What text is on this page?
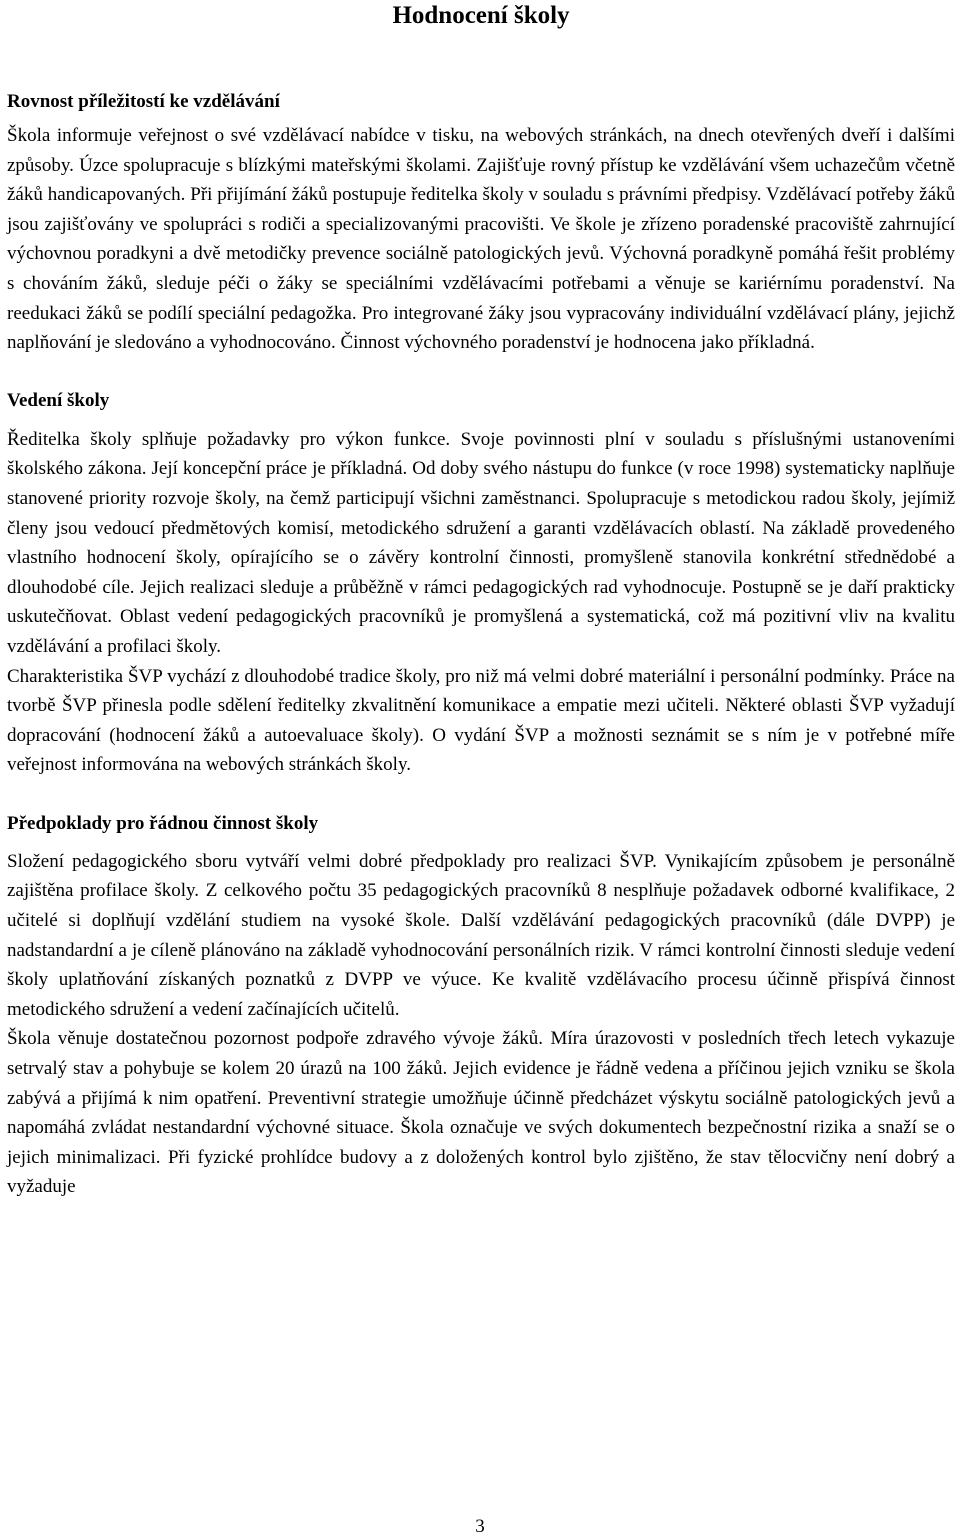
Hodnocení školy
Rovnost příležitostí ke vzdělávání

Škola informuje veřejnost o své vzdělávací nabídce v tisku, na webových stránkách, na dnech otevřených dveří i dalšími způsoby. Úzce spolupracuje s blízkými mateřskými školami. Zajišťuje rovný přístup ke vzdělávání všem uchazečům včetně žáků handicapovaných. Při přijímání žáků postupuje ředitelka školy v souladu s právními předpisy. Vzdělávací potřeby žáků jsou zajišťovány ve spolupráci s rodiči a specializovanými pracovišti. Ve škole je zřízeno poradenské pracoviště zahrnující výchovnou poradkyni a dvě metodičky prevence sociálně patologických jevů. Výchovná poradkyně pomáhá řešit problémy s chováním žáků, sleduje péči o žáky se speciálními vzdělávacími potřebami a věnuje se kariérnímu poradenství. Na reedukaci žáků se podílí speciální pedagožka. Pro integrované žáky jsou vypracovány individuální vzdělávací plány, jejichž naplňování je sledováno a vyhodnocováno. Činnost výchovného poradenství je hodnocena jako příkladná.

Vedení školy

Ředitelka školy splňuje požadavky pro výkon funkce. Svoje povinnosti plní v souladu s příslušnými ustanoveními školského zákona. Její koncepční práce je příkladná. Od doby svého nástupu do funkce (v roce 1998) systematicky naplňuje stanovené priority rozvoje školy, na čemž participují všichni zaměstnanci. Spolupracuje s metodickou radou školy, jejímiž členy jsou vedoucí předmětových komisí, metodického sdružení a garanti vzdělávacích oblastí. Na základě provedeného vlastního hodnocení školy, opírajícího se o závěry kontrolní činnosti, promyšleně stanovila konkrétní střednědobé a dlouhodobé cíle. Jejich realizaci sleduje a průběžně v rámci pedagogických rad vyhodnocuje. Postupně se je daří prakticky uskutečňovat. Oblast vedení pedagogických pracovníků je promyšlená a systematická, což má pozitivní vliv na kvalitu vzdělávání a profilaci školy.

Charakteristika ŠVP vychází z dlouhodobé tradice školy, pro niž má velmi dobré materiální i personální podmínky. Práce na tvorbě ŠVP přinesla podle sdělení ředitelky zkvalitnění komunikace a empatie mezi učiteli. Některé oblasti ŠVP vyžadují dopracování (hodnocení žáků a autoevaluace školy). O vydání ŠVP a možnosti seznámit se s ním je v potřebné míře veřejnost informována na webových stránkách školy.

Předpoklady pro řádnou činnost školy

Složení pedagogického sboru vytváří velmi dobré předpoklady pro realizaci ŠVP. Vynikajícím způsobem je personálně zajištěna profilace školy. Z celkového počtu 35 pedagogických pracovníků 8 nesplňuje požadavek odborné kvalifikace, 2 učitelé si doplňují vzdělání studiem na vysoké škole. Další vzdělávání pedagogických pracovníků (dále DVPP) je nadstandardní a je cíleně plánováno na základě vyhodnocování personálních rizik. V rámci kontrolní činnosti sleduje vedení školy uplatňování získaných poznatků z DVPP ve výuce. Ke kvalitě vzdělávacího procesu účinně přispívá činnost metodického sdružení a vedení začínajících učitelů.

Škola věnuje dostatečnou pozornost podpoře zdravého vývoje žáků. Míra úrazovosti v posledních třech letech vykazuje setrvalý stav a pohybuje se kolem 20 úrazů na 100 žáků. Jejich evidence je řádně vedena a příčinou jejich vzniku se škola zabývá a přijímá k nim opatření. Preventivní strategie umožňuje účinně předcházet výskytu sociálně patologických jevů a napomáhá zvládat nestandardní výchovné situace. Škola označuje ve svých dokumentech bezpečnostní rizika a snaží se o jejich minimalizaci. Při fyzické prohlídce budovy a z doložených kontrol bylo zjištěno, že stav tělocvičny není dobrý a vyžaduje

3
